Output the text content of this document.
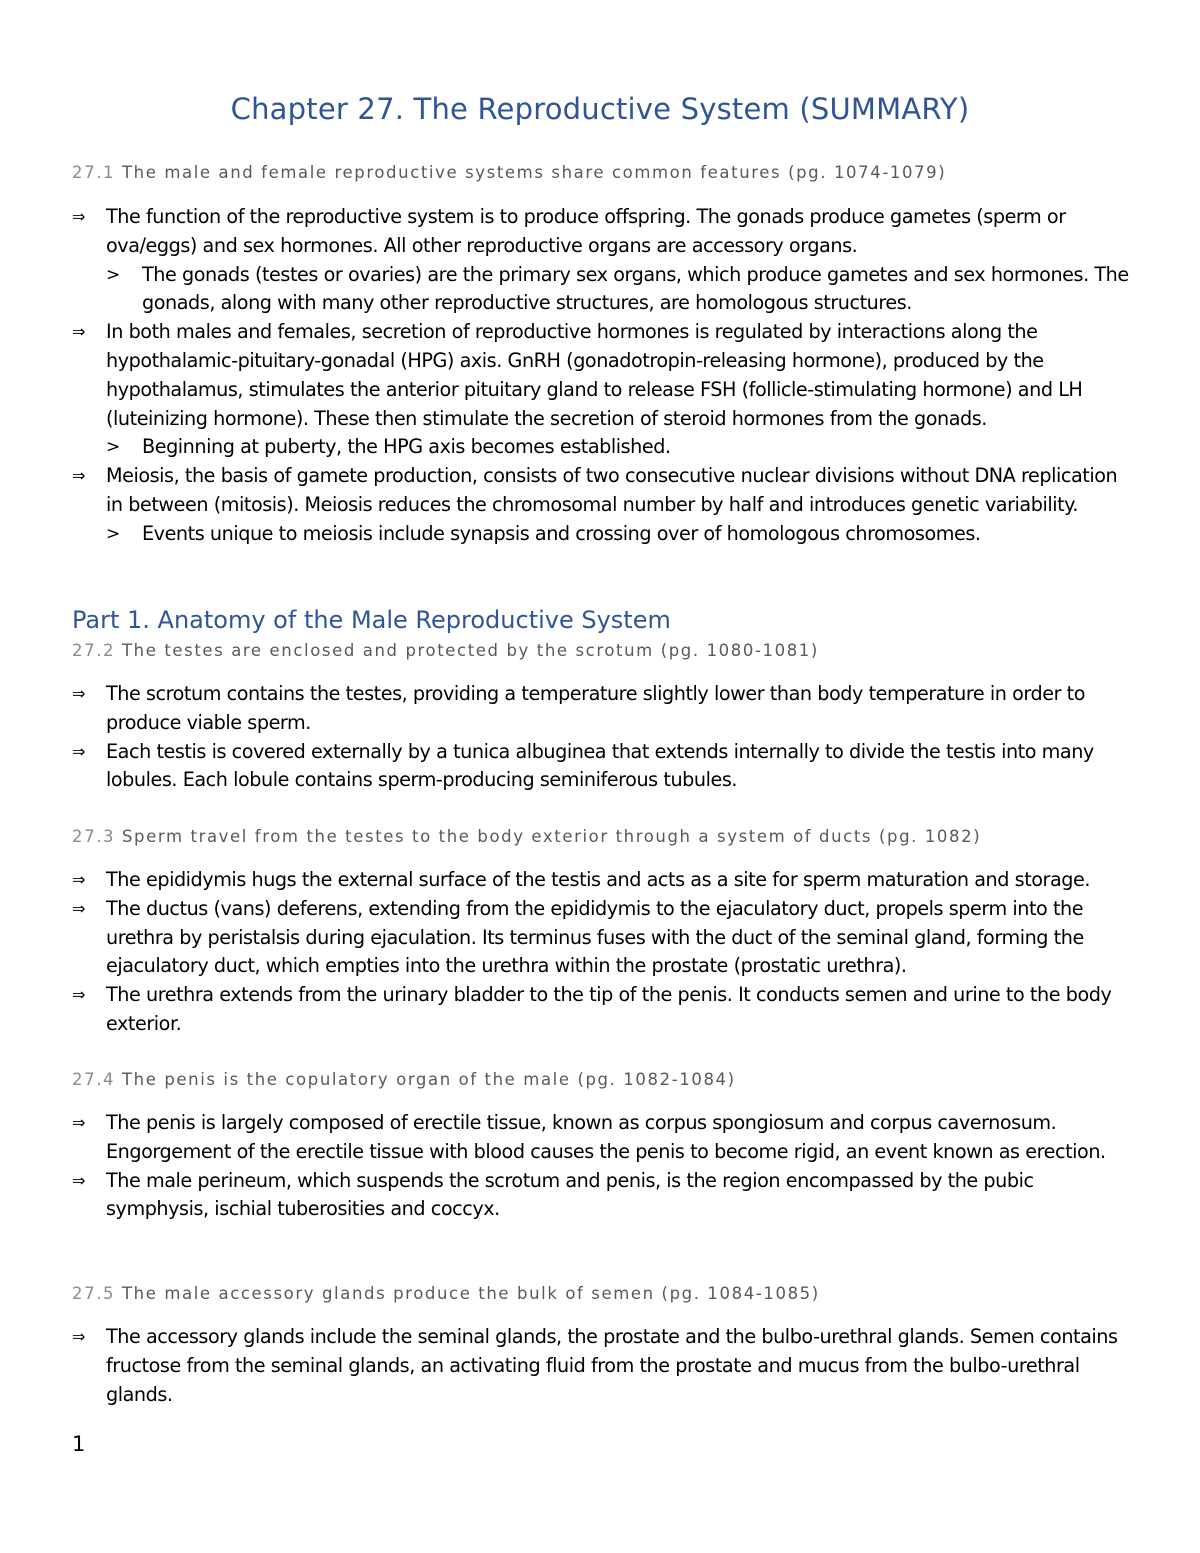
Chapter 27. The Reproductive System (SUMMARY)
27.1 The male and female reproductive systems share common features (pg. 1074-1079)
⇒	The function of the reproductive system is to produce offspring. The gonads produce gametes (sperm or ova/eggs) and sex hormones. All other reproductive organs are accessory organs.
>	The gonads (testes or ovaries) are the primary sex organs, which produce gametes and sex hormones. The gonads, along with many other reproductive structures, are homologous structures.
⇒	In both males and females, secretion of reproductive hormones is regulated by interactions along the hypothalamic-pituitary-gonadal (HPG) axis. GnRH (gonadotropin-releasing hormone), produced by the hypothalamus, stimulates the anterior pituitary gland to release FSH (follicle-stimulating hormone) and LH (luteinizing hormone). These then stimulate the secretion of steroid hormones from the gonads.
>	Beginning at puberty, the HPG axis becomes established.
⇒	Meiosis, the basis of gamete production, consists of two consecutive nuclear divisions without DNA replication in between (mitosis). Meiosis reduces the chromosomal number by half and introduces genetic variability.
>	Events unique to meiosis include synapsis and crossing over of homologous chromosomes.
Part 1. Anatomy of the Male Reproductive System
27.2 The testes are enclosed and protected by the scrotum (pg. 1080-1081)
⇒	The scrotum contains the testes, providing a temperature slightly lower than body temperature in order to produce viable sperm.
⇒	Each testis is covered externally by a tunica albuginea that extends internally to divide the testis into many lobules. Each lobule contains sperm-producing seminiferous tubules.
27.3 Sperm travel from the testes to the body exterior through a system of ducts (pg. 1082)
⇒	The epididymis hugs the external surface of the testis and acts as a site for sperm maturation and storage.
⇒	The ductus (vans) deferens, extending from the epididymis to the ejaculatory duct, propels sperm into the urethra by peristalsis during ejaculation. Its terminus fuses with the duct of the seminal gland, forming the ejaculatory duct, which empties into the urethra within the prostate (prostatic urethra).
⇒	The urethra extends from the urinary bladder to the tip of the penis. It conducts semen and urine to the body exterior.
27.4 The penis is the copulatory organ of the male (pg. 1082-1084)
⇒	The penis is largely composed of erectile tissue, known as corpus spongiosum and corpus cavernosum. Engorgement of the erectile tissue with blood causes the penis to become rigid, an event known as erection.
⇒	The male perineum, which suspends the scrotum and penis, is the region encompassed by the pubic symphysis, ischial tuberosities and coccyx.
27.5 The male accessory glands produce the bulk of semen (pg. 1084-1085)
⇒	The accessory glands include the seminal glands, the prostate and the bulbo-urethral glands. Semen contains fructose from the seminal glands, an activating fluid from the prostate and mucus from the bulbo-urethral glands.
1
